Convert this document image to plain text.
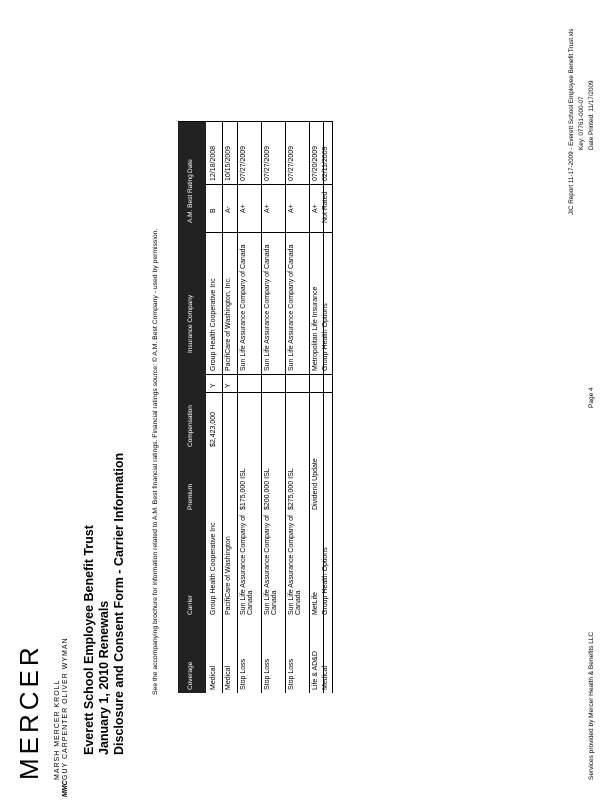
MERCER MARSH MERCER KROLL
MMC
GUY CARPENTER OLIVER WYMAN Everett School Employee Benefit Trust January 1, 2010 Renewals Disclosure and Consent Form - Carrier Information	See the accompanying brochure for information related to A.M. Best financial ratings. Financial ratings source: © A.M. Best Company - used by permission.	Coverage
Carrier
Premium
Compensation
Insurance Company
A.M. Best Rating
Date
Medical
Group Health Cooperative Inc
$2,423,000
Y
Group Health Cooperative Inc
B
12/18/2008
Medical
PacifiCare of Washington
Y
PacifiCare of Washington, Inc.
A-
10/15/2009
Stop Loss
Sun Life Assurance Company of Canada
$175,000 ISL
Sun Life Assurance Company of Canada
A+
07/27/2009
Stop Loss
Sun Life Assurance Company of Canada
$200,000 ISL
Sun Life Assurance Company of Canada
A+
07/27/2009
Stop Loss
Sun Life Assurance Company of Canada
$275,000 ISL
Sun Life Assurance Company of Canada
A+
07/27/2009
Life & AD&D
MetLife
Dividend Update
Metropolitan Life Insurance
A+
07/20/2009
Medical
Group Health Options
Group Health Options
Not Rated
02/11/2009
Services provided by Mercer Health & Benefits LLC
Page 4
JIC Report 11-17-2009 - Everett School Employee Benefit Trust.xls Key: 07761-000-07 Date Printed: 11/17/2009
